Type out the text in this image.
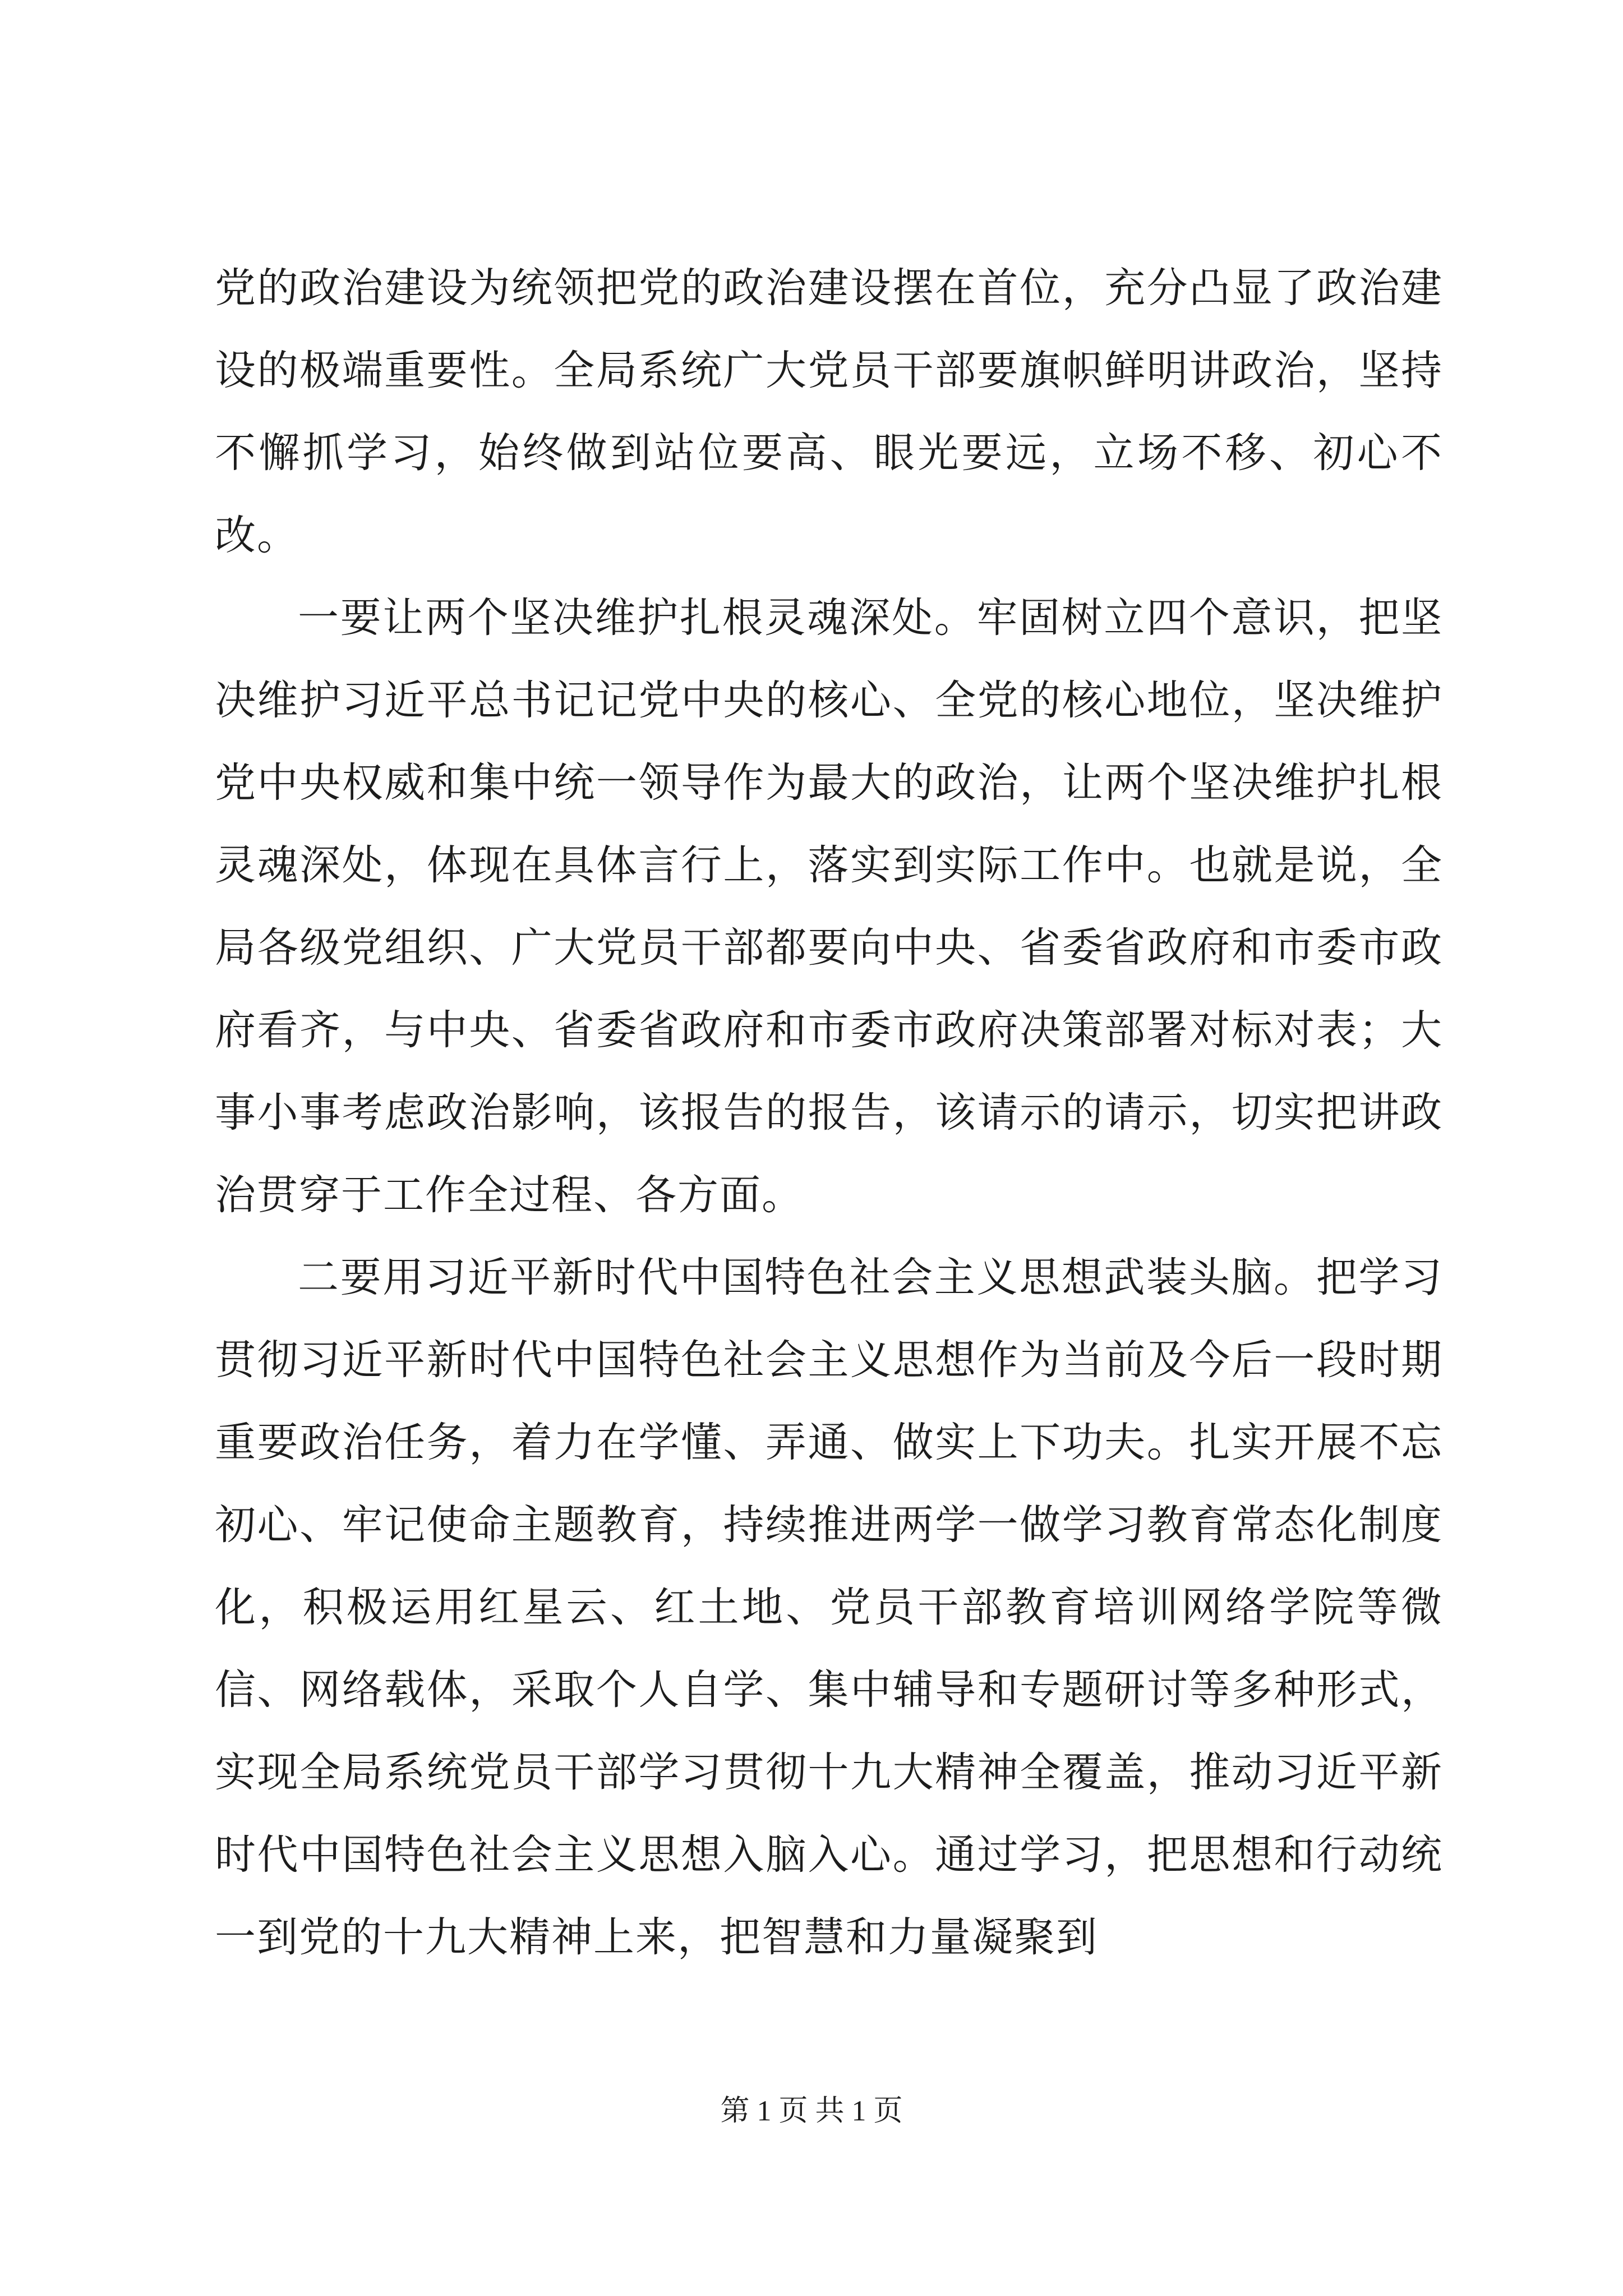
党的政治建设为统领把党的政治建设摆在首位，充分凸显了政治建设的极端重要性。全局系统广大党员干部要旗帜鲜明讲政治，坚持不懈抓学习，始终做到站位要高、眼光要远，立场不移、初心不改。

一要让两个坚决维护扎根灵魂深处。牢固树立四个意识，把坚决维护习近平总书记记党中央的核心、全党的核心地位，坚决维护党中央权威和集中统一领导作为最大的政治，让两个坚决维护扎根灵魂深处，体现在具体言行上，落实到实际工作中。也就是说，全局各级党组织、广大党员干部都要向中央、省委省政府和市委市政府看齐，与中央、省委省政府和市委市政府决策部署对标对表；大事小事考虑政治影响，该报告的报告，该请示的请示，切实把讲政治贯穿于工作全过程、各方面。

二要用习近平新时代中国特色社会主义思想武装头脑。把学习贯彻习近平新时代中国特色社会主义思想作为当前及今后一段时期重要政治任务，着力在学懂、弄通、做实上下功夫。扎实开展不忘初心、牢记使命主题教育，持续推进两学一做学习教育常态化制度化，积极运用红星云、红土地、党员干部教育培训网络学院等微信、网络载体，采取个人自学、集中辅导和专题研讨等多种形式，实现全局系统党员干部学习贯彻十九大精神全覆盖，推动习近平新时代中国特色社会主义思想入脑入心。通过学习，把思想和行动统一到党的十九大精神上来，把智慧和力量凝聚到

第 1 页 共 1 页
